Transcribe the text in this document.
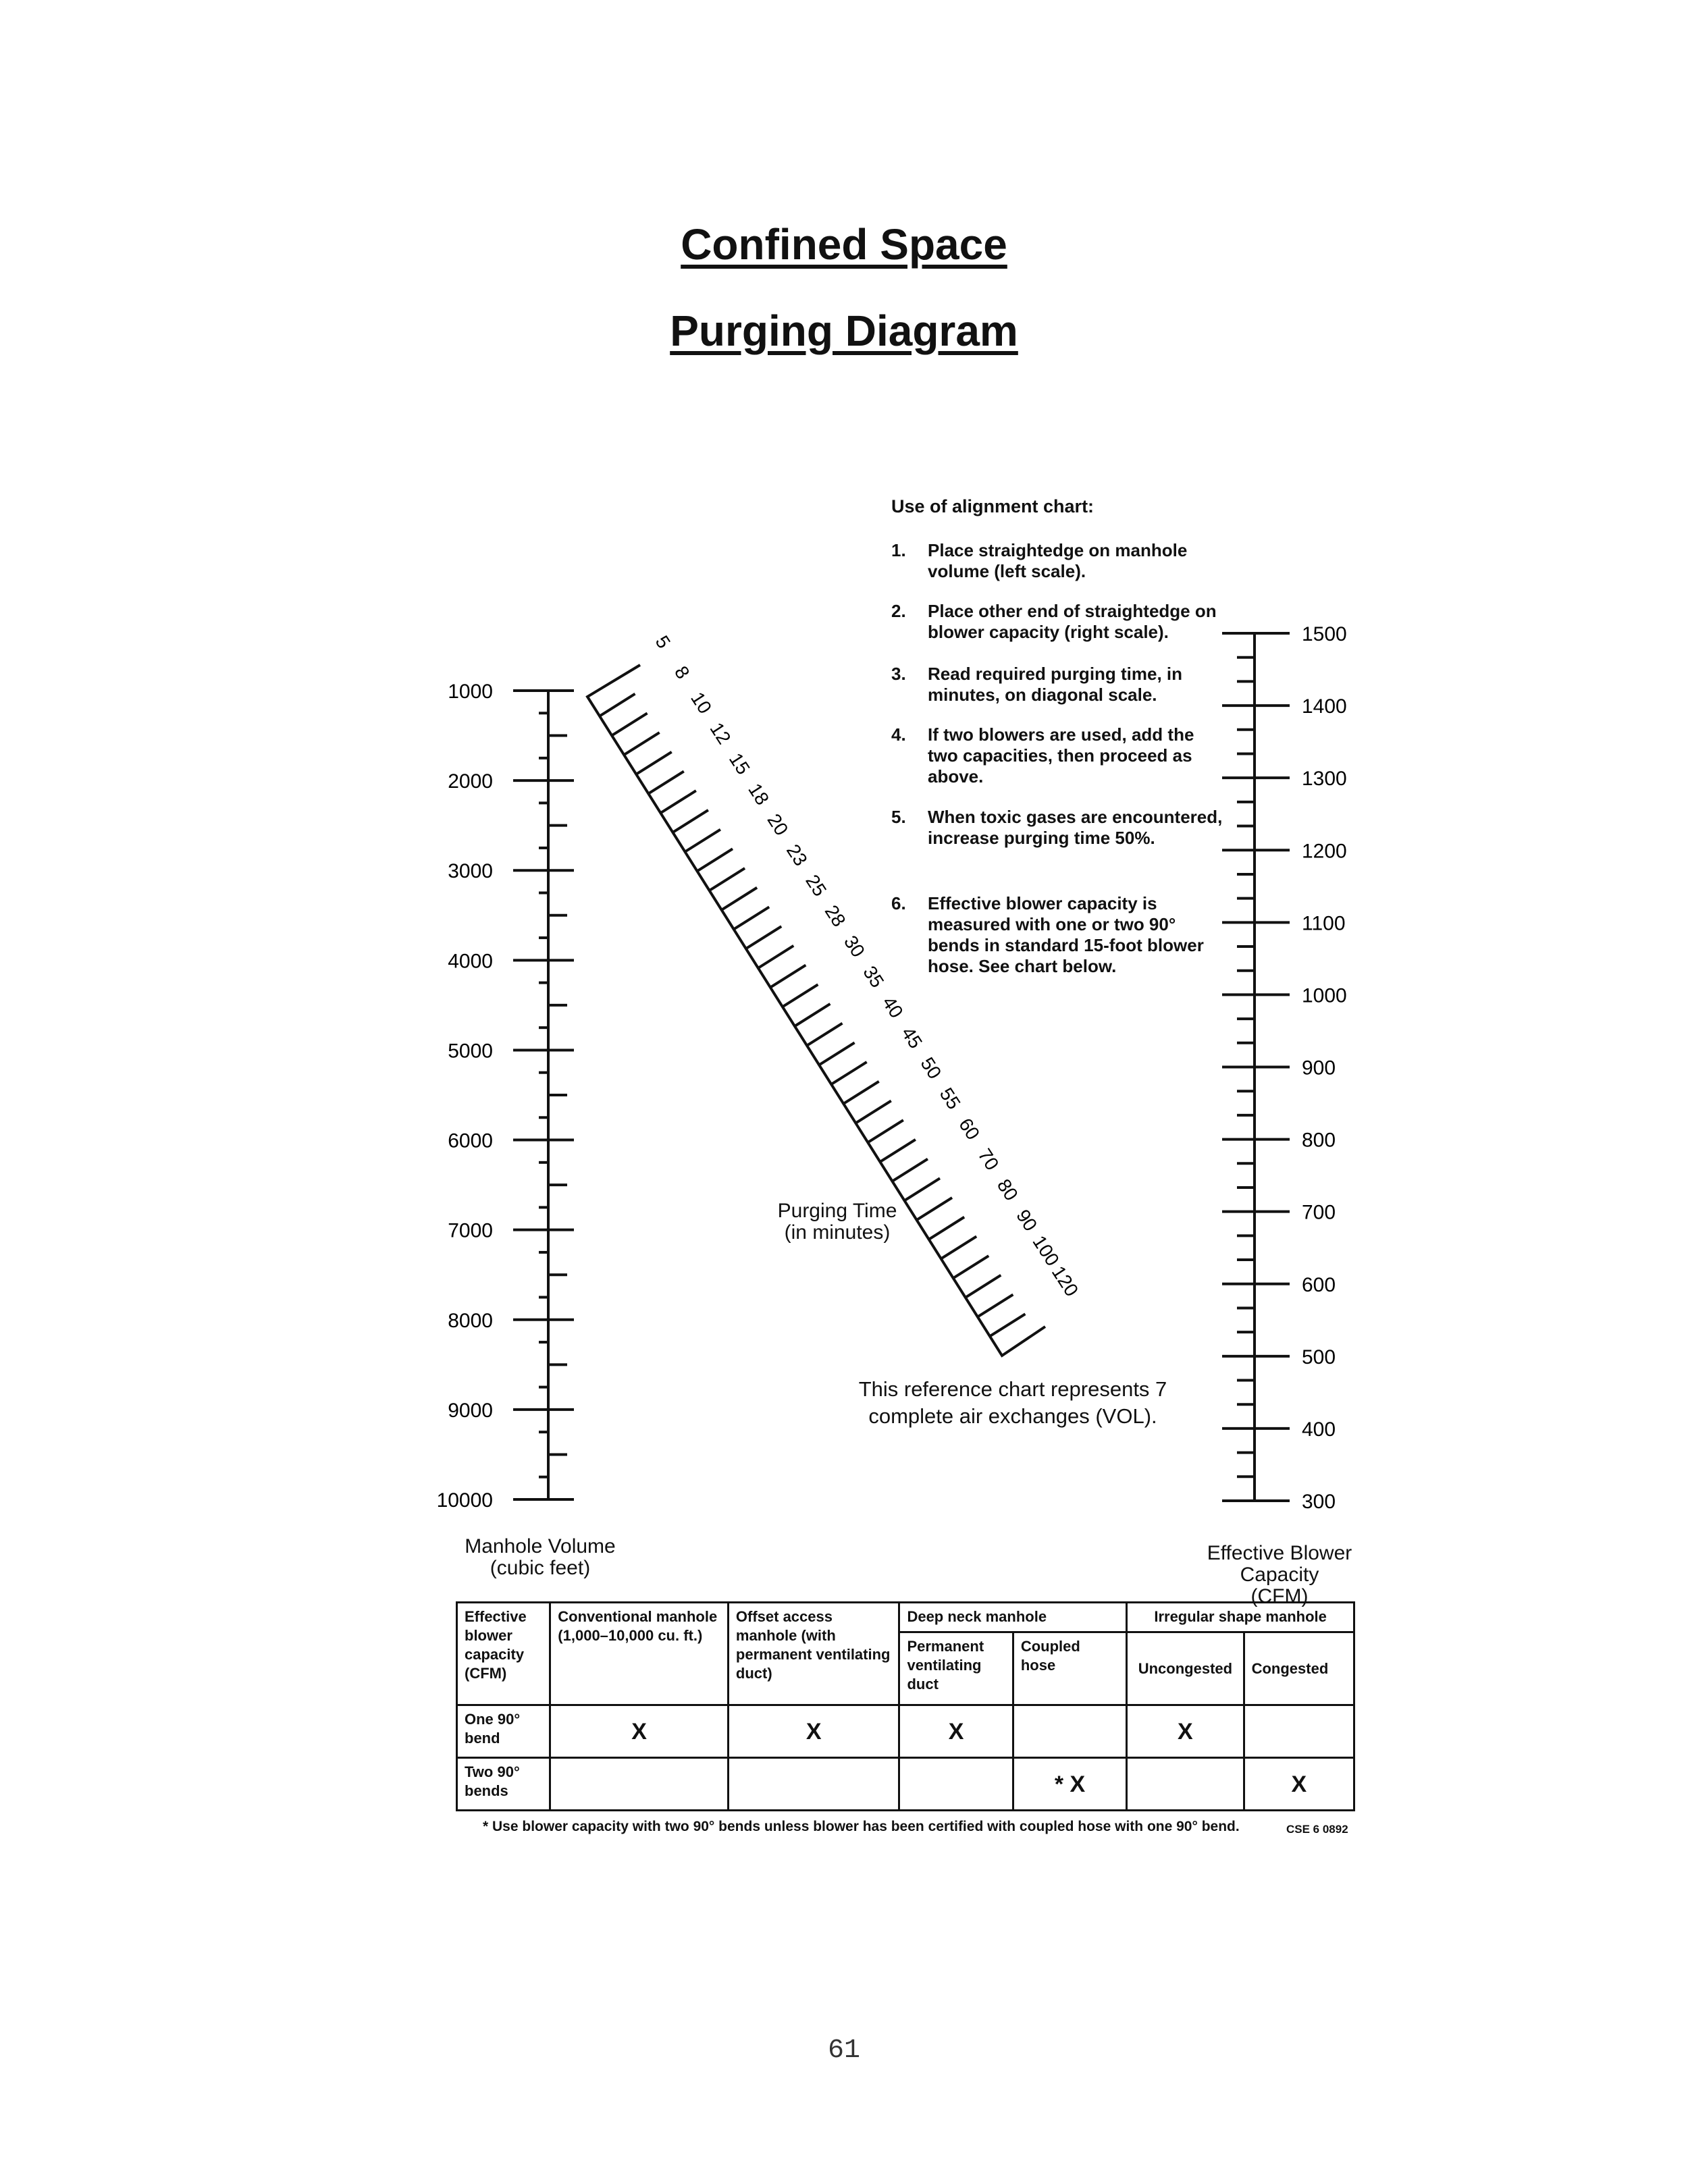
Confined Space
Purging Diagram
1000
2000
3000
4000
5000
6000
7000
8000
9000
10000
5
8
10
12
15
18
20
23
25
28
30
35
40
45
50
55
60
70
80
90
100
120
1500
1400
1300
1200
1100
1000
900
800
700
600
500
400
300
Use of alignment chart:
1. Place straightedge on manhole volume (left scale).
2. Place other end of straightedge on blower capacity (right scale).
3. Read required purging time, in minutes, on diagonal scale.
4. If two blowers are used, add the two capacities, then proceed as above.
5. When toxic gases are encountered, increase purging time 50%.
6. Effective blower capacity is measured with one or two 90° bends in standard 15-foot blower hose. See chart below.
Purging Time
(in minutes)
Manhole Volume
(cubic feet)
Effective Blower
Capacity
(CFM)
This reference chart represents 7
complete air exchanges (VOL).
Effective blower capacity (CFM)	Conventional manhole (1,000–10,000 cu. ft.)	Offset access manhole (with permanent ventilating duct)	Deep neck manhole		Irregular shape manhole	
			Permanent ventilating duct	Coupled hose	Uncongested	Congested
One 90° bend	X	X	X		X	
Two 90° bends				* X		X
* Use blower capacity with two 90° bends unless blower has been certified with coupled hose with one 90° bend.	CSE 6 0892
61
